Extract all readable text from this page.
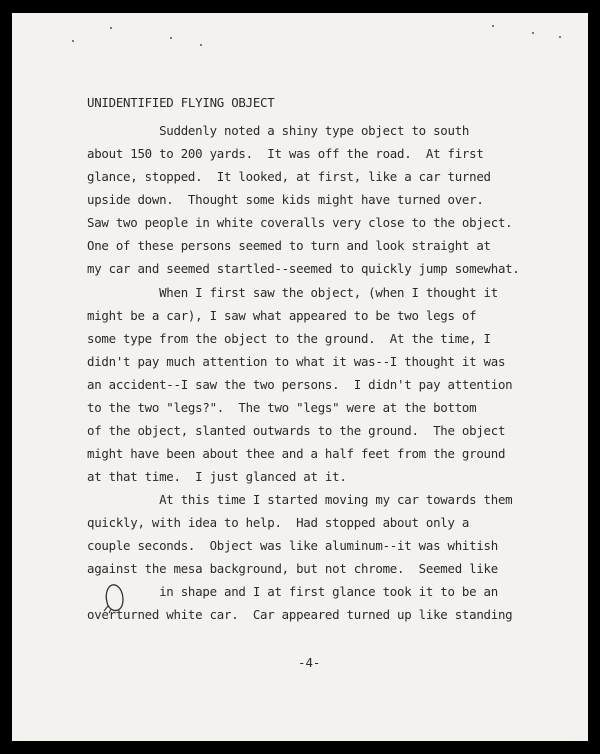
UNIDENTIFIED FLYING OBJECT
Suddenly noted a shiny type object to south
about 150 to 200 yards.  It was off the road.  At first
glance, stopped.  It looked, at first, like a car turned
upside down.  Thought some kids might have turned over.
Saw two people in white coveralls very close to the object.
One of these persons seemed to turn and look straight at
my car and seemed startled--seemed to quickly jump somewhat.
When I first saw the object, (when I thought it
might be a car), I saw what appeared to be two legs of
some type from the object to the ground.  At the time, I
didn't pay much attention to what it was--I thought it was
an accident--I saw the two persons.  I didn't pay attention
to the two "legs?".  The two "legs" were at the bottom
of the object, slanted outwards to the ground.  The object
might have been about thee and a half feet from the ground
at that time.  I just glanced at it.
At this time I started moving my car towards them
quickly, with idea to help.  Had stopped about only a
couple seconds.  Object was like aluminum--it was whitish
against the mesa background, but not chrome.  Seemed like
in shape and I at first glance took it to be an
overturned white car.  Car appeared turned up like standing
-4-
